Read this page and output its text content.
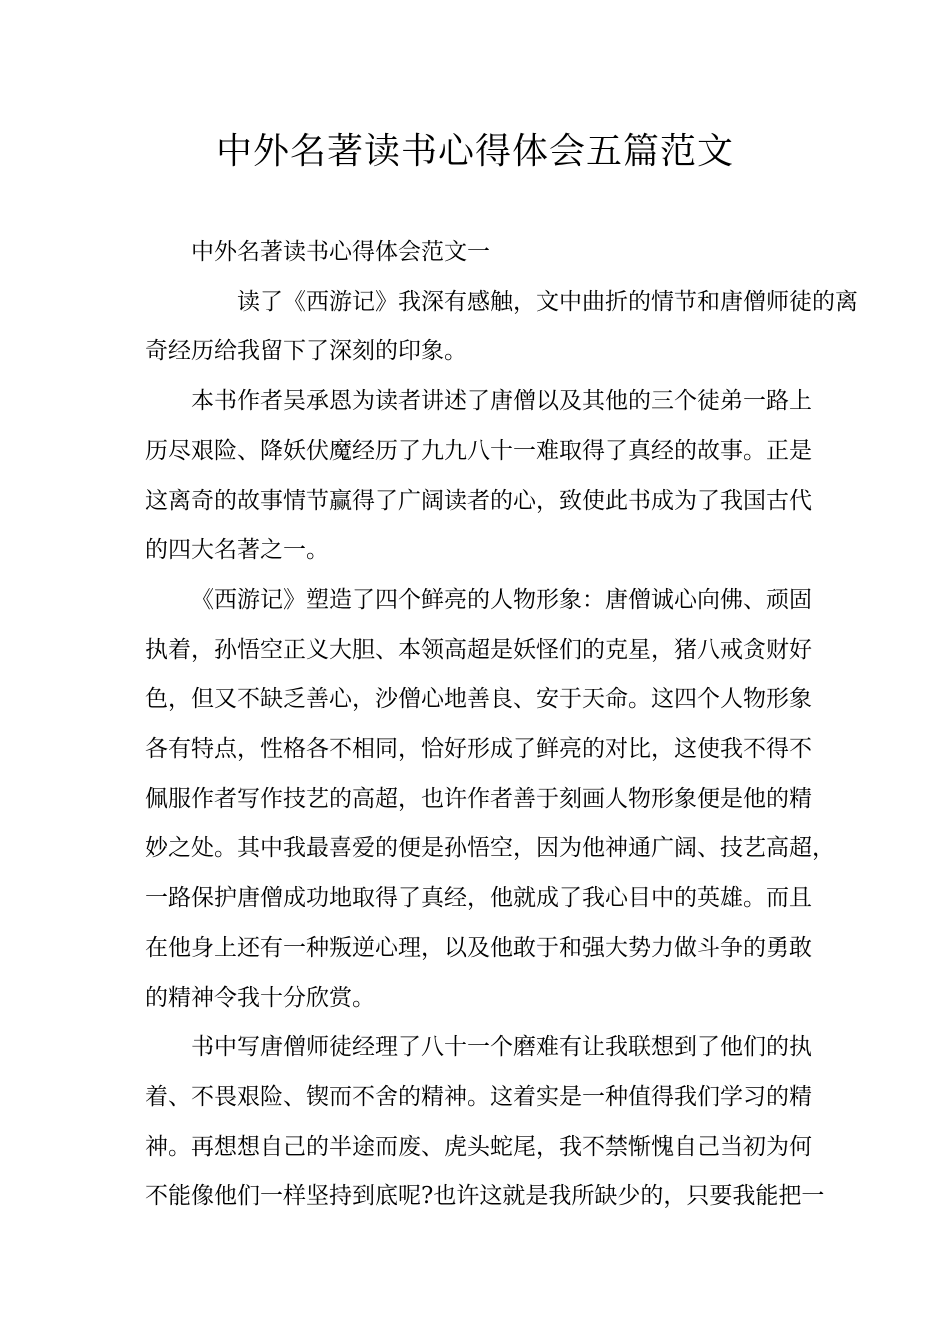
中外名著读书心得体会五篇范文

中外名著读书心得体会范文一

读了《西游记》我深有感触，文中曲折的情节和唐僧师徒的离
奇经历给我留下了深刻的印象。
本书作者吴承恩为读者讲述了唐僧以及其他的三个徒弟一路上
历尽艰险、降妖伏魔经历了九九八十一难取得了真经的故事。正是
这离奇的故事情节赢得了广阔读者的心，致使此书成为了我国古代
的四大名著之一。
《西游记》塑造了四个鲜亮的人物形象：唐僧诚心向佛、顽固
执着，孙悟空正义大胆、本领高超是妖怪们的克星，猪八戒贪财好
色，但又不缺乏善心，沙僧心地善良、安于天命。这四个人物形象
各有特点，性格各不相同，恰好形成了鲜亮的对比，这使我不得不
佩服作者写作技艺的高超，也许作者善于刻画人物形象便是他的精
妙之处。其中我最喜爱的便是孙悟空，因为他神通广阔、技艺高超，
一路保护唐僧成功地取得了真经，他就成了我心目中的英雄。而且
在他身上还有一种叛逆心理，以及他敢于和强大势力做斗争的勇敢
的精神令我十分欣赏。
书中写唐僧师徒经理了八十一个磨难有让我联想到了他们的执
着、不畏艰险、锲而不舍的精神。这着实是一种值得我们学习的精
神。再想想自己的半途而废、虎头蛇尾，我不禁惭愧自己当初为何
不能像他们一样坚持到底呢?也许这就是我所缺少的，只要我能把一
